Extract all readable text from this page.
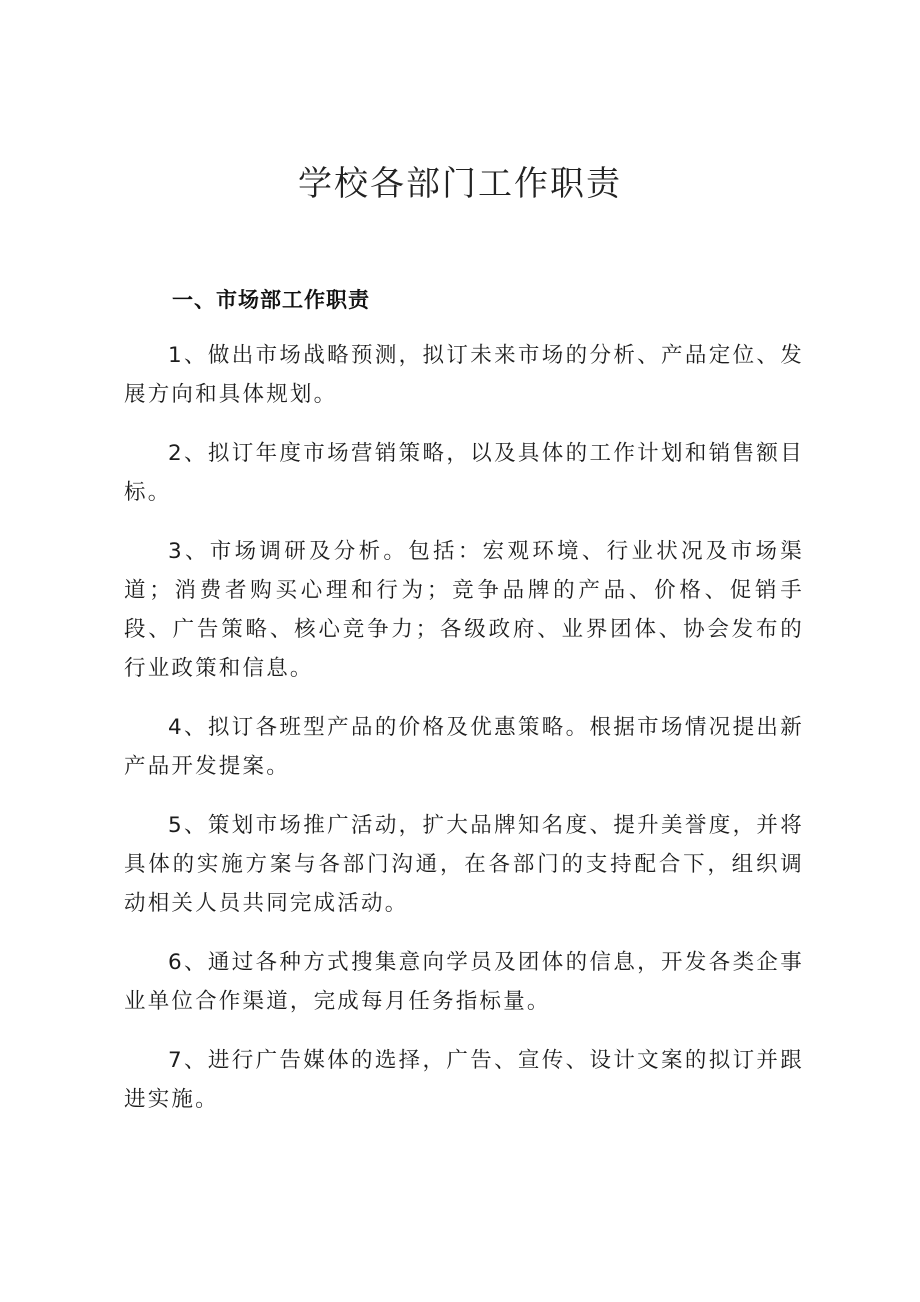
学校各部门工作职责
一、市场部工作职责

1、做出市场战略预测，拟订未来市场的分析、产品定位、发展方向和具体规划。

2、拟订年度市场营销策略，以及具体的工作计划和销售额目标。

3、市场调研及分析。包括：宏观环境、行业状况及市场渠道；消费者购买心理和行为；竞争品牌的产品、价格、促销手段、广告策略、核心竞争力；各级政府、业界团体、协会发布的行业政策和信息。

4、拟订各班型产品的价格及优惠策略。根据市场情况提出新产品开发提案。

5、策划市场推广活动，扩大品牌知名度、提升美誉度，并将具体的实施方案与各部门沟通，在各部门的支持配合下，组织调动相关人员共同完成活动。

6、通过各种方式搜集意向学员及团体的信息，开发各类企事业单位合作渠道，完成每月任务指标量。

7、进行广告媒体的选择，广告、宣传、设计文案的拟订并跟进实施。
